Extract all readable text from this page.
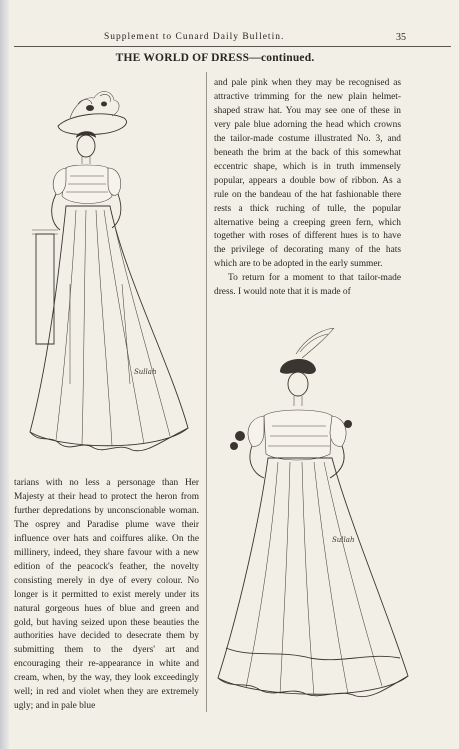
Supplement to Cunard Daily Bulletin.	35
THE WORLD OF DRESS—continued.
Sullah
Sullah

and pale pink when they may be recognised as attractive trimming for the new plain helmet-shaped straw hat. You may see one of these in very pale blue adorning the head which crowns the tailor-made costume illustrated No. 3, and beneath the brim at the back of this somewhat eccentric shape, which is in truth immensely popular, appears a double bow of ribbon. As a rule on the bandeau of the hat fashionable there rests a thick ruching of tulle, the popular alternative being a creeping green fern, which together with roses of different hues is to have the privilege of decorating many of the hats which are to be adopted in the early summer.

To return for a moment to that tailor-made dress. I would note that it is made of

tarians with no less a personage than Her Majesty at their head to protect the heron from further depredations by unconscionable woman. The osprey and Paradise plume wave their influence over hats and coiffures alike. On the millinery, indeed, they share favour with a new edition of the peacock's feather, the novelty consisting merely in dye of every colour. No longer is it permitted to exist merely under its natural gorgeous hues of blue and green and gold, but having seized upon these beauties the authorities have decided to desecrate them by submitting them to the dyers' art and encouraging their re-appearance in white and cream, when, by the way, they look exceedingly well; in red and violet when they are extremely ugly; and in pale blue
